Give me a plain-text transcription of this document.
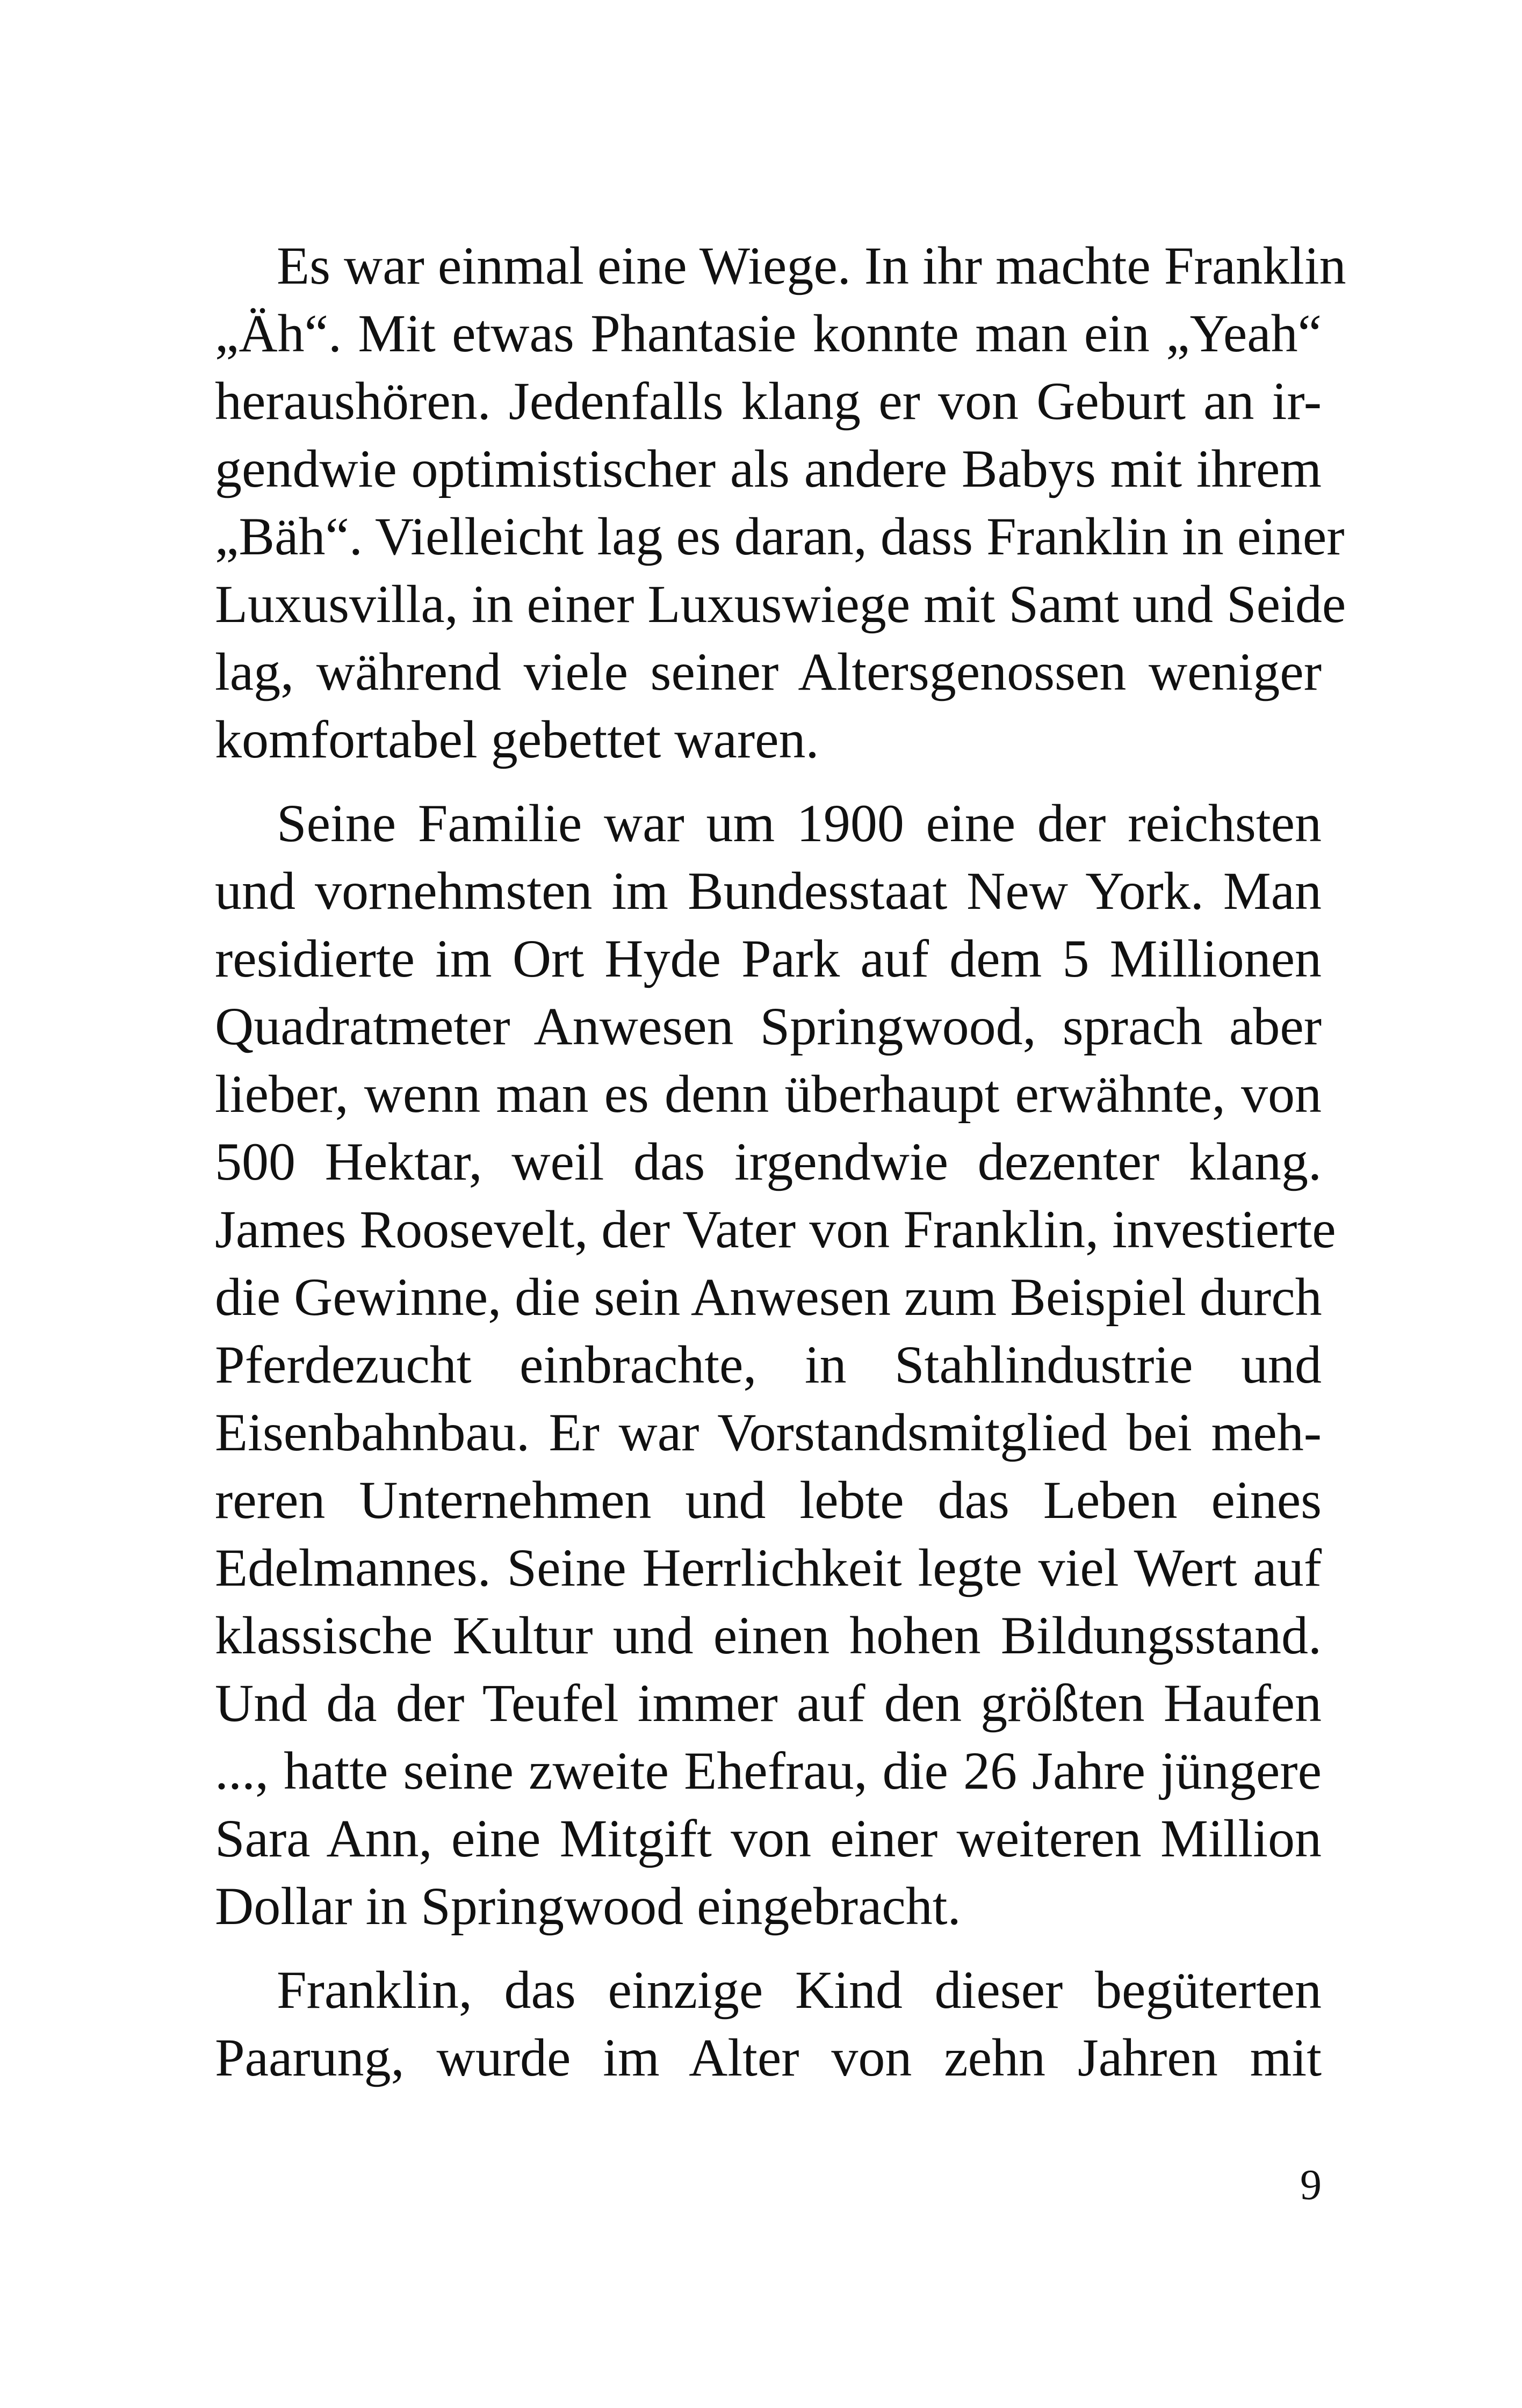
Es war einmal eine Wiege. In ihr machte Franklin
„Äh“. Mit etwas Phantasie konnte man ein „Yeah“
heraushören. Jedenfalls klang er von Geburt an ir-
gendwie optimistischer als andere Babys mit ihrem
„Bäh“. Vielleicht lag es daran, dass Franklin in einer
Luxusvilla, in einer Luxuswiege mit Samt und Seide
lag, während viele seiner Altersgenossen weniger
komfortabel gebettet waren.

Seine Familie war um 1900 eine der reichsten
und vornehmsten im Bundesstaat New York. Man
residierte im Ort Hyde Park auf dem 5 Millionen
Quadratmeter Anwesen Springwood, sprach aber
lieber, wenn man es denn überhaupt erwähnte, von
500 Hektar, weil das irgendwie dezenter klang.
James Roosevelt, der Vater von Franklin, investierte
die Gewinne, die sein Anwesen zum Beispiel durch
Pferdezucht einbrachte, in Stahlindustrie und
Eisenbahnbau. Er war Vorstandsmitglied bei meh-
reren Unternehmen und lebte das Leben eines
Edelmannes. Seine Herrlichkeit legte viel Wert auf
klassische Kultur und einen hohen Bildungsstand.
Und da der Teufel immer auf den größten Haufen
..., hatte seine zweite Ehefrau, die 26 Jahre jüngere
Sara Ann, eine Mitgift von einer weiteren Million
Dollar in Springwood eingebracht.

Franklin, das einzige Kind dieser begüterten
Paarung, wurde im Alter von zehn Jahren mit

9
